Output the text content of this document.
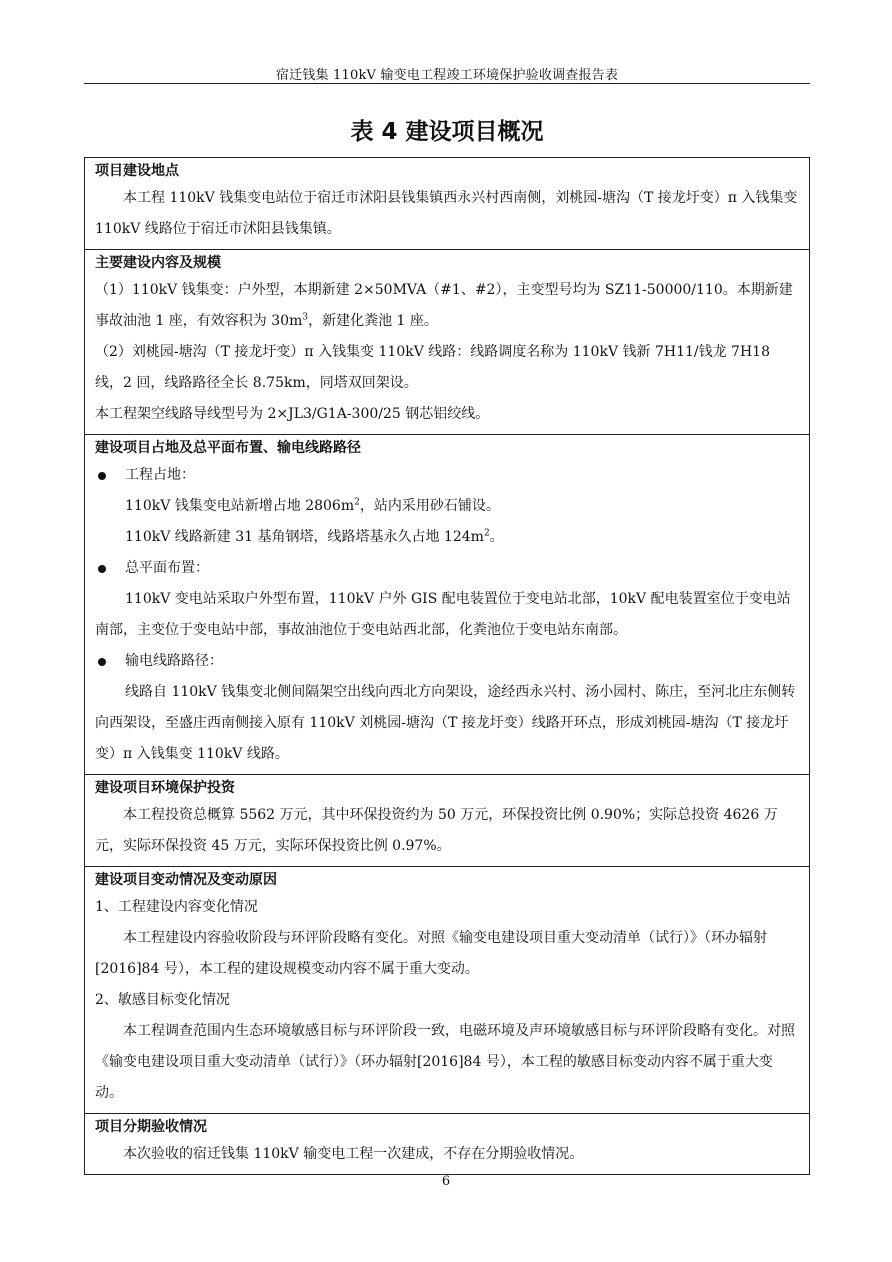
宿迁钱集 110kV 输变电工程竣工环境保护验收调查报告表
表 4 建设项目概况
项目建设地点

本工程 110kV 钱集变电站位于宿迁市沭阳县钱集镇西永兴村西南侧，刘桃园-塘沟（T 接龙圩变）π 入钱集变 110kV 线路位于宿迁市沭阳县钱集镇。

主要建设内容及规模

（1）110kV 钱集变：户外型，本期新建 2×50MVA（#1、#2），主变型号均为 SZ11-50000/110。本期新建事故油池 1 座，有效容积为 $30m^3$，新建化粪池 1 座。

（2）刘桃园-塘沟（T 接龙圩变）π 入钱集变 110kV 线路：线路调度名称为 110kV 钱新 7H11/钱龙 7H18 线，2 回，线路路径全长 8.75km，同塔双回架设。

本工程架空线路导线型号为 2×JL3/G1A-300/25 钢芯铝绞线。

建设项目占地及总平面布置、输电线路路径

工程占地：

110kV 钱集变电站新增占地 $2806m^2$，站内采用砂石铺设。

110kV 线路新建 31 基角钢塔，线路塔基永久占地 $124m^2$。

总平面布置：

110kV 变电站采取户外型布置，110kV 户外 GIS 配电装置位于变电站北部，10kV 配电装置室位于变电站南部，主变位于变电站中部，事故油池位于变电站西北部，化粪池位于变电站东南部。

输电线路路径：

线路自 110kV 钱集变北侧间隔架空出线向西北方向架设，途经西永兴村、汤小园村、陈庄，至河北庄东侧转向西架设，至盛庄西南侧接入原有 110kV 刘桃园-塘沟（T 接龙圩变）线路开环点，形成刘桃园-塘沟（T 接龙圩变）π 入钱集变 110kV 线路。

建设项目环境保护投资

本工程投资总概算 5562 万元，其中环保投资约为 50 万元，环保投资比例 0.90%；实际总投资 4626 万元，实际环保投资 45 万元，实际环保投资比例 0.97%。

建设项目变动情况及变动原因

1、工程建设内容变化情况

本工程建设内容验收阶段与环评阶段略有变化。对照《输变电建设项目重大变动清单（试行）》（环办辐射[2016]84 号），本工程的建设规模变动内容不属于重大变动。

2、敏感目标变化情况

本工程调查范围内生态环境敏感目标与环评阶段一致，电磁环境及声环境敏感目标与环评阶段略有变化。对照《输变电建设项目重大变动清单（试行）》（环办辐射[2016]84 号），本工程的敏感目标变动内容不属于重大变动。

项目分期验收情况

本次验收的宿迁钱集 110kV 输变电工程一次建成，不存在分期验收情况。

6
